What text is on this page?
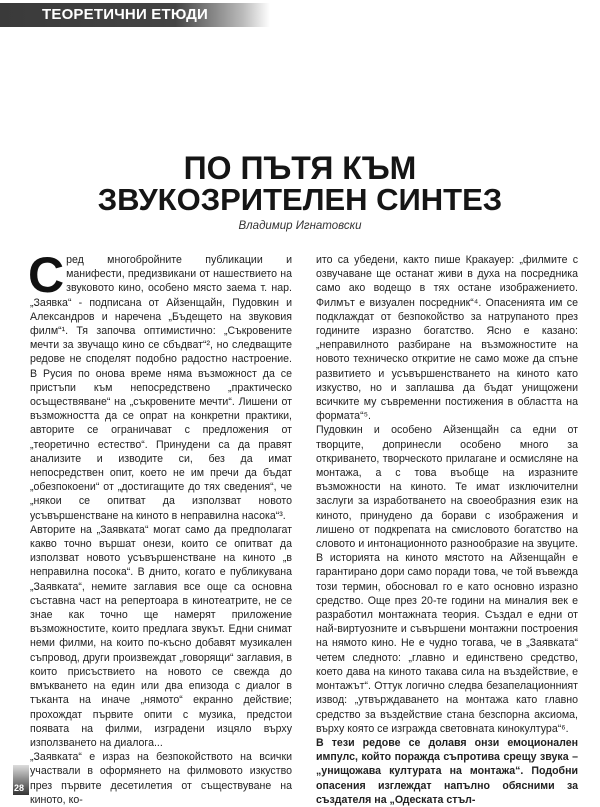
ТЕОРЕТИЧНИ ЕТЮДИ
ПО ПЪТЯ КЪМ
ЗВУКОЗРИТЕЛЕН СИНТЕЗ
Владимир Игнатовски

Сред многобройните публикации и манифести, предизвикани от нашествието на звуковото кино, особено място заема т. нар. „Заявка“ - подписана от Айзенщайн, Пудовкин и Александров и наречена „Бъдещето на звуковия филм“¹. Тя започва оптимистично: „Съкровените мечти за звучащо кино се сбъдват“², но следващите редове не споделят подобно радостно настроение. В Русия по онова време няма възможност да се пристъпи към непосредствено „практическо осъществяване“ на „съкровените мечти“. Лишени от възможността да се опрат на конкретни практики, авторите се ограничават с предложения от „теоретично естество“. Принудени са да правят анализите и изводите си, без да имат непосредствен опит, което не им пречи да бъдат „обезпокоени“ от „достигащите до тях сведения“, че „някои се опитват да използват новото усъвършенстване на киното в неправилна насока“³.

Авторите на „Заявката“ могат само да предполагат какво точно вършат онези, които се опитват да използват новото усъвършенстване на киното „в неправилна посока“. В днито, когато е публикувана „Заявката“, немите заглавия все още са основна съставна част на репертоара в кинотеатрите, не се знае как точно ще намерят приложение възможностите, които предлага звукът. Едни снимат неми филми, на които по-късно добавят музикален съпровод, други произвеждат „говорящи“ заглавия, в които присъствието на новото се свежда до вмъкването на един или два епизода с диалог в тъканта на иначе „нямото“ екранно действие; прохождат първите опити с музика, предстои появата на филми, изградени изцяло върху използването на диалога...

„Заявката“ е израз на безпокойството на всички участвали в оформянето на филмовото изкуство през първите десетилетия от съществуване на киното, ко-

ито са убедени, както пише Кракауер: „филмите с озвучаване ще останат живи в духа на посредника само ако водещо в тях остане изображението. Филмът е визуален посредник“⁴. Опасенията им се подклаждат от безпокойство за натрупаното през годините изразно богатство. Ясно е казано: „неправилното разбиране на възможностите на новото техническо откритие не само може да спъне развитието и усъвършенстването на киното като изкуство, но и заплашва да бъдат унищожени всичките му съвременни постижения в областта на формата“⁵.

Пудовкин и особено Айзенщайн са едни от творците, допринесли особено много за откриването, творческото прилагане и осмисляне на монтажа, а с това въобще на изразните възможности на киното. Те имат изключителни заслуги за изработването на своеобразния език на киното, принудено да борави с изображения и лишено от подкрепата на смисловото богатство на словото и интонационното разнообразие на звуците. В историята на киното мястото на Айзенщайн е гарантирано дори само поради това, че той въвежда този термин, обосновал го е като основно изразно средство. Още през 20-те години на миналия век е разработил монтажната теория. Създал е едни от най-виртуозните и съвършени монтажни построения на нямото кино. Не е чудно тогава, че в „Заявката“ четем следното: „главно и единствено средство, което дава на киното такава сила на въздействие, е монтажът“. Оттук логично следва безапелационният извод: „утвърждаването на монтажа като главно средство за въздействие стана безспорна аксиома, върху която се изгражда световната кинокултура“⁶.

В тези редове се долавя онзи емоционален импулс, който поражда съпротива срещу звука – „унищожава културата на монтажа“. Подобни опасения изглеждат напълно обясними за създателя на „Одеската стъл-

28
